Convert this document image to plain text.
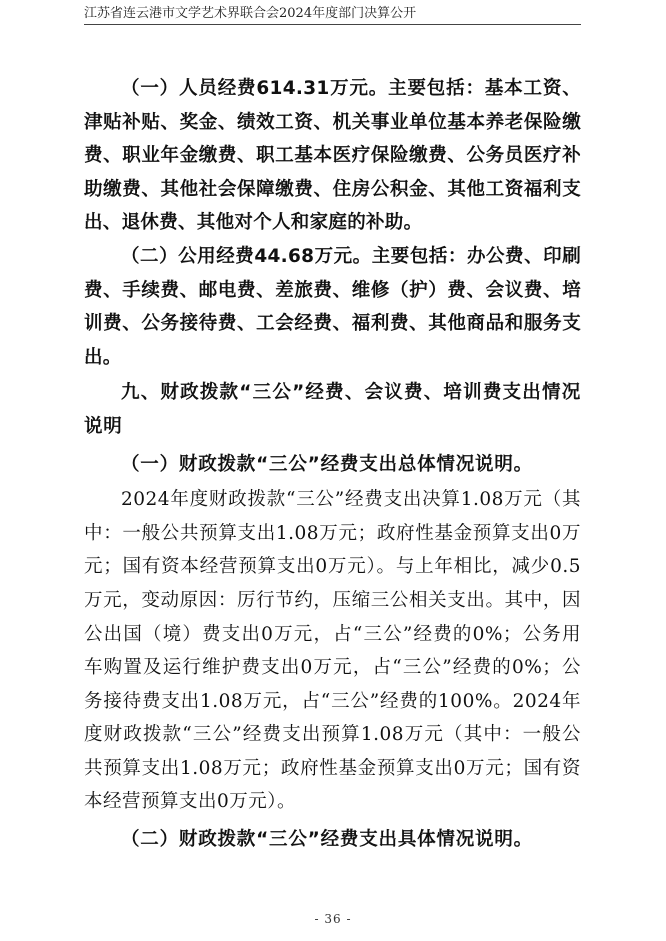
江苏省连云港市文学艺术界联合会2024年度部门决算公开

（一）人员经费614.31万元。主要包括：基本工资、津贴补贴、奖金、绩效工资、机关事业单位基本养老保险缴费、职业年金缴费、职工基本医疗保险缴费、公务员医疗补助缴费、其他社会保障缴费、住房公积金、其他工资福利支出、退休费、其他对个人和家庭的补助。

（二）公用经费44.68万元。主要包括：办公费、印刷费、手续费、邮电费、差旅费、维修（护）费、会议费、培训费、公务接待费、工会经费、福利费、其他商品和服务支出。

九、财政拨款“三公”经费、会议费、培训费支出情况说明

（一）财政拨款“三公”经费支出总体情况说明。

2024年度财政拨款“三公”经费支出决算1.08万元（其中：一般公共预算支出1.08万元；政府性基金预算支出0万元；国有资本经营预算支出0万元）。与上年相比，减少0.5万元，变动原因：厉行节约，压缩三公相关支出。其中，因公出国（境）费支出0万元，占“三公”经费的0%；公务用车购置及运行维护费支出0万元，占“三公”经费的0%；公务接待费支出1.08万元，占“三公”经费的100%。2024年度财政拨款“三公”经费支出预算1.08万元（其中：一般公共预算支出1.08万元；政府性基金预算支出0万元；国有资本经营预算支出0万元）。

（二）财政拨款“三公”经费支出具体情况说明。

- 36 -
